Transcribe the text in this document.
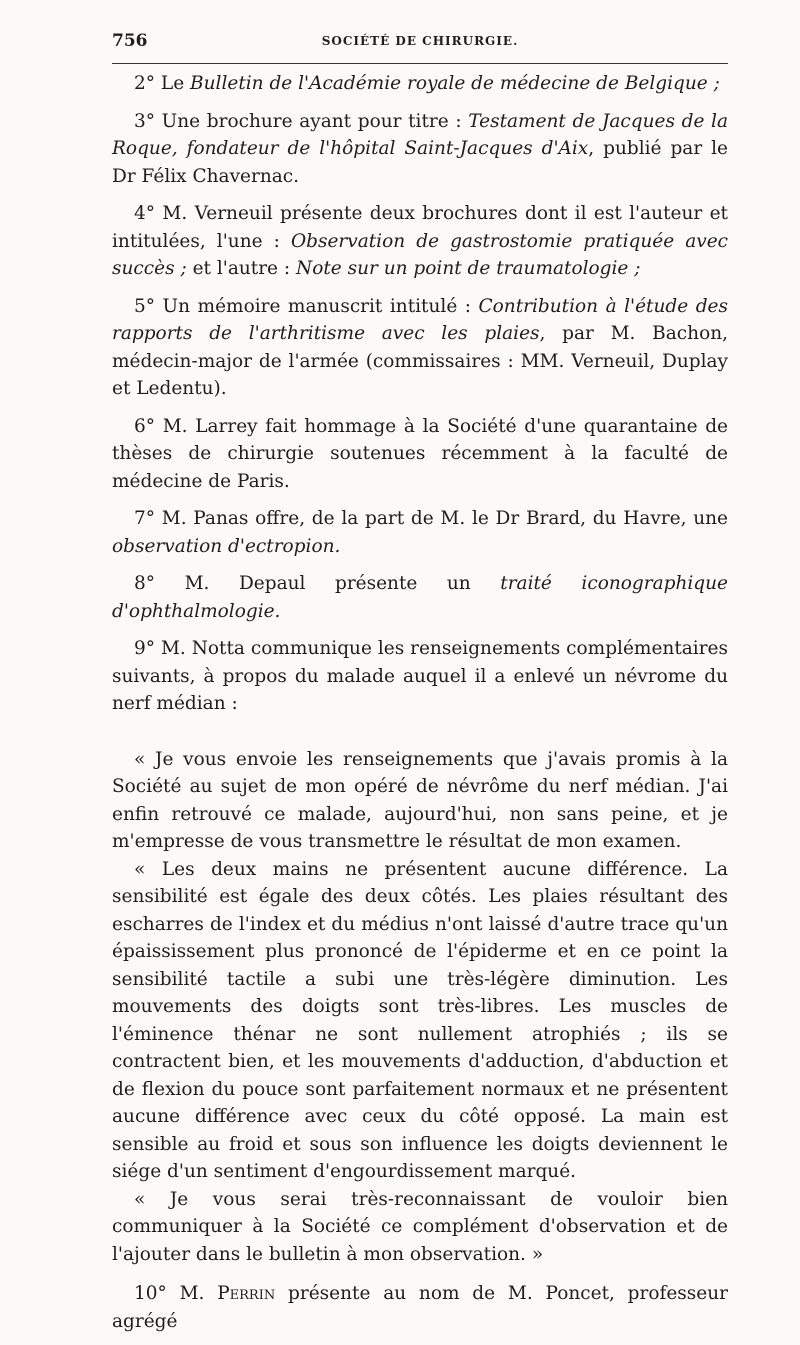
756	SOCIÉTÉ DE CHIRURGIE.

2° Le Bulletin de l'Académie royale de médecine de Belgique ;

3° Une brochure ayant pour titre : Testament de Jacques de la Roque, fondateur de l'hôpital Saint-Jacques d'Aix, publié par le Dr Félix Chavernac.

4° M. Verneuil présente deux brochures dont il est l'auteur et intitulées, l'une : Observation de gastrostomie pratiquée avec succès ; et l'autre : Note sur un point de traumatologie ;

5° Un mémoire manuscrit intitulé : Contribution à l'étude des rapports de l'arthritisme avec les plaies, par M. Bachon, médecin-major de l'armée (commissaires : MM. Verneuil, Duplay et Ledentu).

6° M. Larrey fait hommage à la Société d'une quarantaine de thèses de chirurgie soutenues récemment à la faculté de médecine de Paris.

7° M. Panas offre, de la part de M. le Dr Brard, du Havre, une observation d'ectropion.

8° M. Depaul présente un traité iconographique d'ophthalmologie.

9° M. Notta communique les renseignements complémentaires suivants, à propos du malade auquel il a enlevé un névrome du nerf médian :

« Je vous envoie les renseignements que j'avais promis à la Société au sujet de mon opéré de névrôme du nerf médian. J'ai enfin retrouvé ce malade, aujourd'hui, non sans peine, et je m'empresse de vous transmettre le résultat de mon examen.

« Les deux mains ne présentent aucune différence. La sensibilité est égale des deux côtés. Les plaies résultant des escharres de l'index et du médius n'ont laissé d'autre trace qu'un épaississement plus prononcé de l'épiderme et en ce point la sensibilité tactile a subi une très-légère diminution. Les mouvements des doigts sont très-libres. Les muscles de l'éminence thénar ne sont nullement atrophiés ; ils se contractent bien, et les mouvements d'adduction, d'abduction et de flexion du pouce sont parfaitement normaux et ne présentent aucune différence avec ceux du côté opposé. La main est sensible au froid et sous son influence les doigts deviennent le siége d'un sentiment d'engourdissement marqué.

« Je vous serai très-reconnaissant de vouloir bien communiquer à la Société ce complément d'observation et de l'ajouter dans le bulletin à mon observation. »

10° M. Perrin présente au nom de M. Poncet, professeur agrégé
